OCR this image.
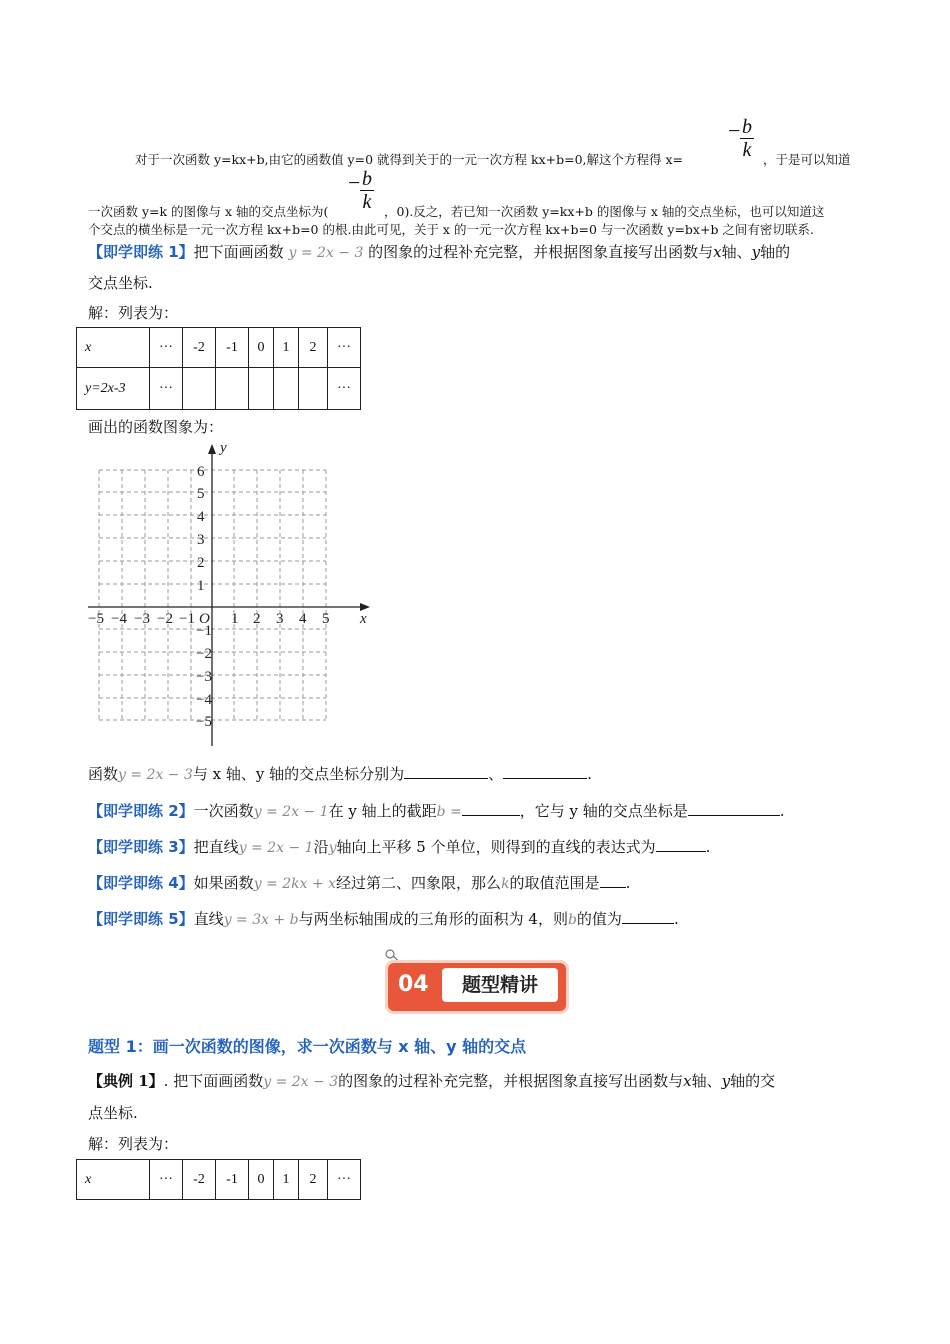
− $\frac{b}{k}$
对于一次函数 y=kx+b,由它的函数值 y=0 就得到关于的一元一次方程 kx+b=0,解这个方程得 x=	，于是可以知道
− $\frac{b}{k}$
一次函数 y=k 的图像与 x 轴的交点坐标为(	，0).反之，若已知一次函数 y=kx+b 的图像与 x 轴的交点坐标，也可以知道这
个交点的横坐标是一元一次方程 kx+b=0 的根.由此可见，关于 x 的一元一次方程 kx+b=0 与一次函数 y=bx+b 之间有密切联系.
【即学即练 1】把下面画函数 y = 2x − 3 的图象的过程补充完整，并根据图象直接写出函数与x轴、y轴的
交点坐标.
解：列表为：
x	···	-2	-1	0	1	2	···
y=2x-3	···						···
画出的函数图象为：
−5 −4 −3 −2 −1 1 2 3 4 5
1
2
3
4
5
6
−1
−2
−3
−4
−5
O	x
y
函数y = 2x − 3与 x 轴、y 轴的交点坐标分别为	、	.
【即学即练 2】一次函数y = 2x − 1在 y 轴上的截距b =	，它与 y 轴的交点坐标是	.
【即学即练 3】把直线y = 2x − 1沿y轴向上平移 5 个单位，则得到的直线的表达式为	.
【即学即练 4】如果函数y = 2kx + x经过第二、四象限，那么k的取值范围是 .
【即学即练 5】直线y = 3x + b与两坐标轴围成的三角形的面积为 4，则b的值为	.
04	题型精讲
题型 1：画一次函数的图像，求一次函数与 x 轴、y 轴的交点
【典例 1】. 把下面画函数y = 2x − 3的图象的过程补充完整，并根据图象直接写出函数与x轴、y轴的交
点坐标.
解：列表为：
x	···	-2	-1	0	1	2	···
